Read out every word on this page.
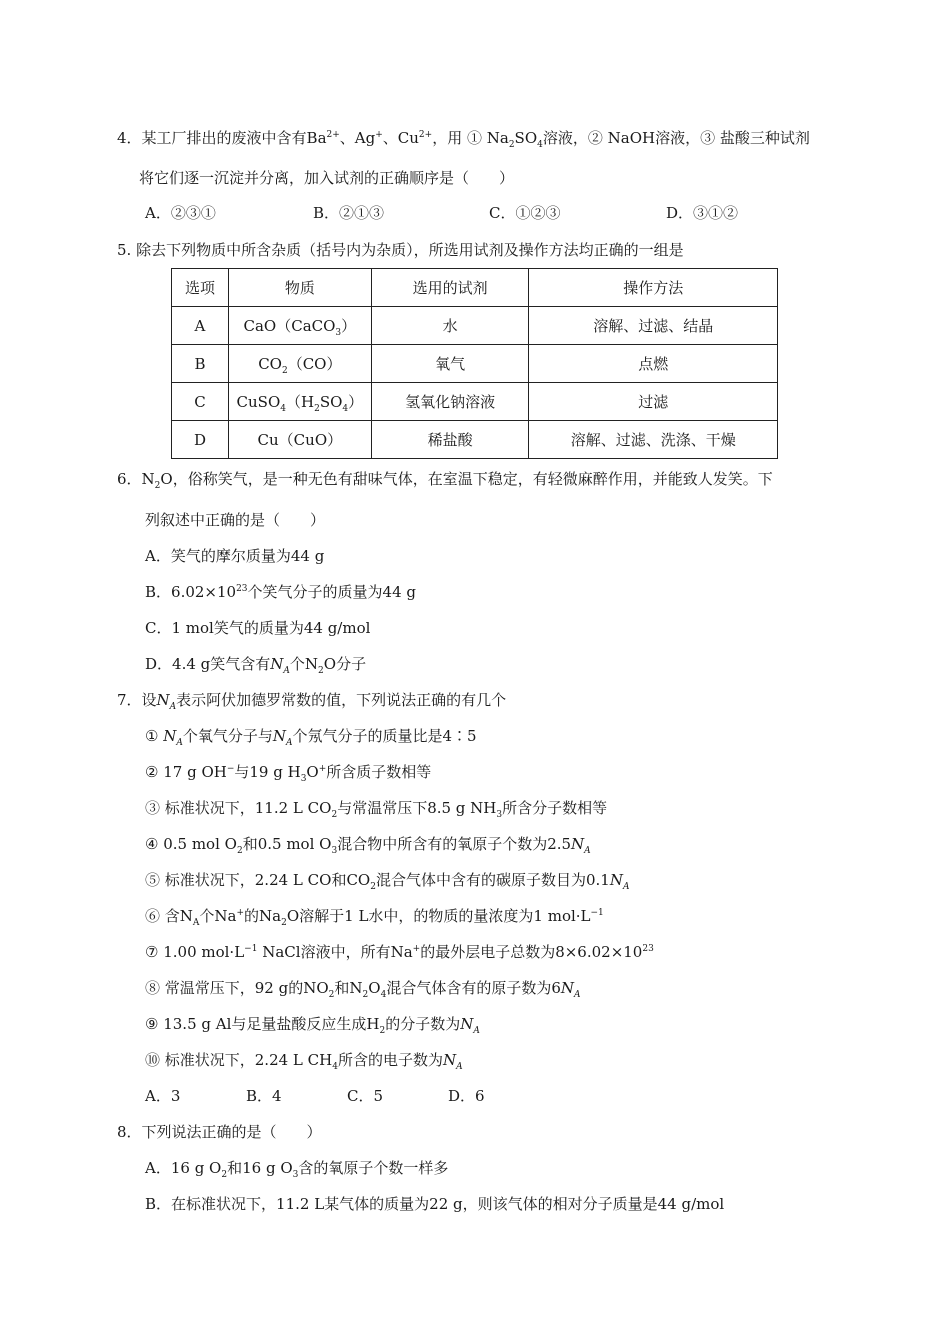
4．某工厂排出的废液中含有$Ba^{2+}$、Ag+、$Cu^{2+}$，用 ① $Na_2SO_4$溶液，② NaOH溶液，③ 盐酸三种试剂
将它们逐一沉淀并分离，加入试剂的正确顺序是（　　）
A．②③①	B．②①③	C．①②③	D．③①②
5. 除去下列物质中所含杂质（括号内为杂质），所选用试剂及操作方法均正确的一组是
选项	物质	选用的试剂	操作方法
A	CaO（CaCO$_3$）	水	溶解、过滤、结晶
B	$CO_2(CO)$	氧气	点燃
C	$CuSO_4(H_2SO_4)$	氢氧化钠溶液	过滤
D	Cu（CuO）	稀盐酸	溶解、过滤、洗涤、干燥
6．$N_2O$，俗称笑气，是一种无色有甜味气体，在室温下稳定，有轻微麻醉作用，并能致人发笑。下
列叙述中正确的是（　　）
A．笑气的摩尔质量为44 g
B．$6.02\times 10^{23}$个笑气分子的质量为44 g
C．1 mol笑气的质量为44 g/mol
D．4.4 g笑气含有$N_A$个$N_2O$分子
7．设$N_A$表示阿伏加德罗常数的值，下列说法正确的有几个
① $N_A$个氧气分子与$N_A$个氖气分子的质量比是4∶5
② 17 g OH−与19 g $H_3O^+$所含质子数相等
③ 标准状况下，11.2 L $CO_2$与常温常压下8.5 g $NH_3$所含分子数相等
④ 0.5 mol $O_2$和0.5 mol $O_3$混合物中所含有的氧原子个数为$2.5N_A$
⑤ 标准状况下，2.24 L CO和$CO_2$混合气体中含有的碳原子数目为$0.1N_A$
⑥ 含$N_A$个Na+的$Na_2O$溶解于1 L水中，的物质的量浓度为1 $mol\cdot L^{-1}$
⑦ 1.00 $mol\cdot L^{-1}$ NaCl溶液中，所有Na+的最外层电子总数为$8\times 6.02\times 10^{23}$
⑧ 常温常压下，92 g的$NO_2$和$N_2O_4$混合气体含有的原子数为$6N_A$
⑨ 13.5 g Al与足量盐酸反应生成$H_2$的分子数为$N_A$
⑩ 标准状况下，2.24 L $CH_4$所含的电子数为$N_A$
A．3	B．4	C．5	D．6
8．下列说法正确的是（　　）
A．16 g $O_2$和16 g $O_3$含的氧原子个数一样多
B．在标准状况下，11.2 L某气体的质量为22 g，则该气体的相对分子质量是44 g/mol
